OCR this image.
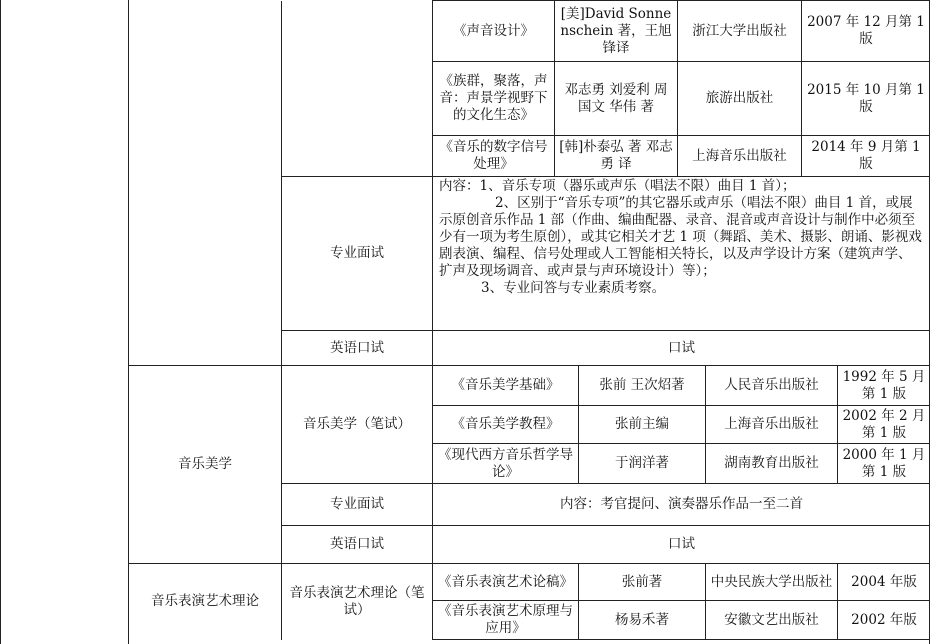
	《声音设计》	[美]David Sonnenschein 著，王旭锋译	浙江大学出版社	2007 年 12 月第 1 版
	《族群，聚落，声音：声景学视野下的文化生态》	邓志勇 刘爱利 周国文 华伟 著	旅游出版社	2015 年 10 月第 1 版
	《音乐的数字信号处理》	[韩]朴泰弘 著 邓志勇 译	上海音乐出版社	2014 年 9 月第 1 版
专业面试	内容：1、音乐专项（器乐或声乐（唱法不限）曲目 1 首）；
2、区别于“音乐专项”的其它器乐或声乐（唱法不限）曲目 1 首，或展示原创音乐作品 1 部（作曲、编曲配器、录音、混音或声音设计与制作中必须至少有一项为考生原创），或其它相关才艺 1 项（舞蹈、美术、摄影、朗诵、影视戏剧表演、编程、信号处理或人工智能相关特长，以及声学设计方案（建筑声学、扩声及现场调音、或声景与声环境设计）等）；
3、专业问答与专业素质考察。			

英语口试	口试			
音乐美学	音乐美学（笔试）	《音乐美学基础》	张前 王次炤著	人民音乐出版社	1992 年 5 月第 1 版
		《音乐美学教程》	张前主编	上海音乐出版社	2002 年 2 月第 1 版
		《现代西方音乐哲学导论》	于润洋著	湖南教育出版社	2000 年 1 月第 1 版
	专业面试	内容：考官提问、演奏器乐作品一至二首			
	英语口试	口试			
音乐表演艺术理论	音乐表演艺术理论（笔试）	《音乐表演艺术论稿》	张前著	中央民族大学出版社	2004 年版
		《音乐表演艺术原理与应用》	杨易禾著	安徽文艺出版社	2002 年版
